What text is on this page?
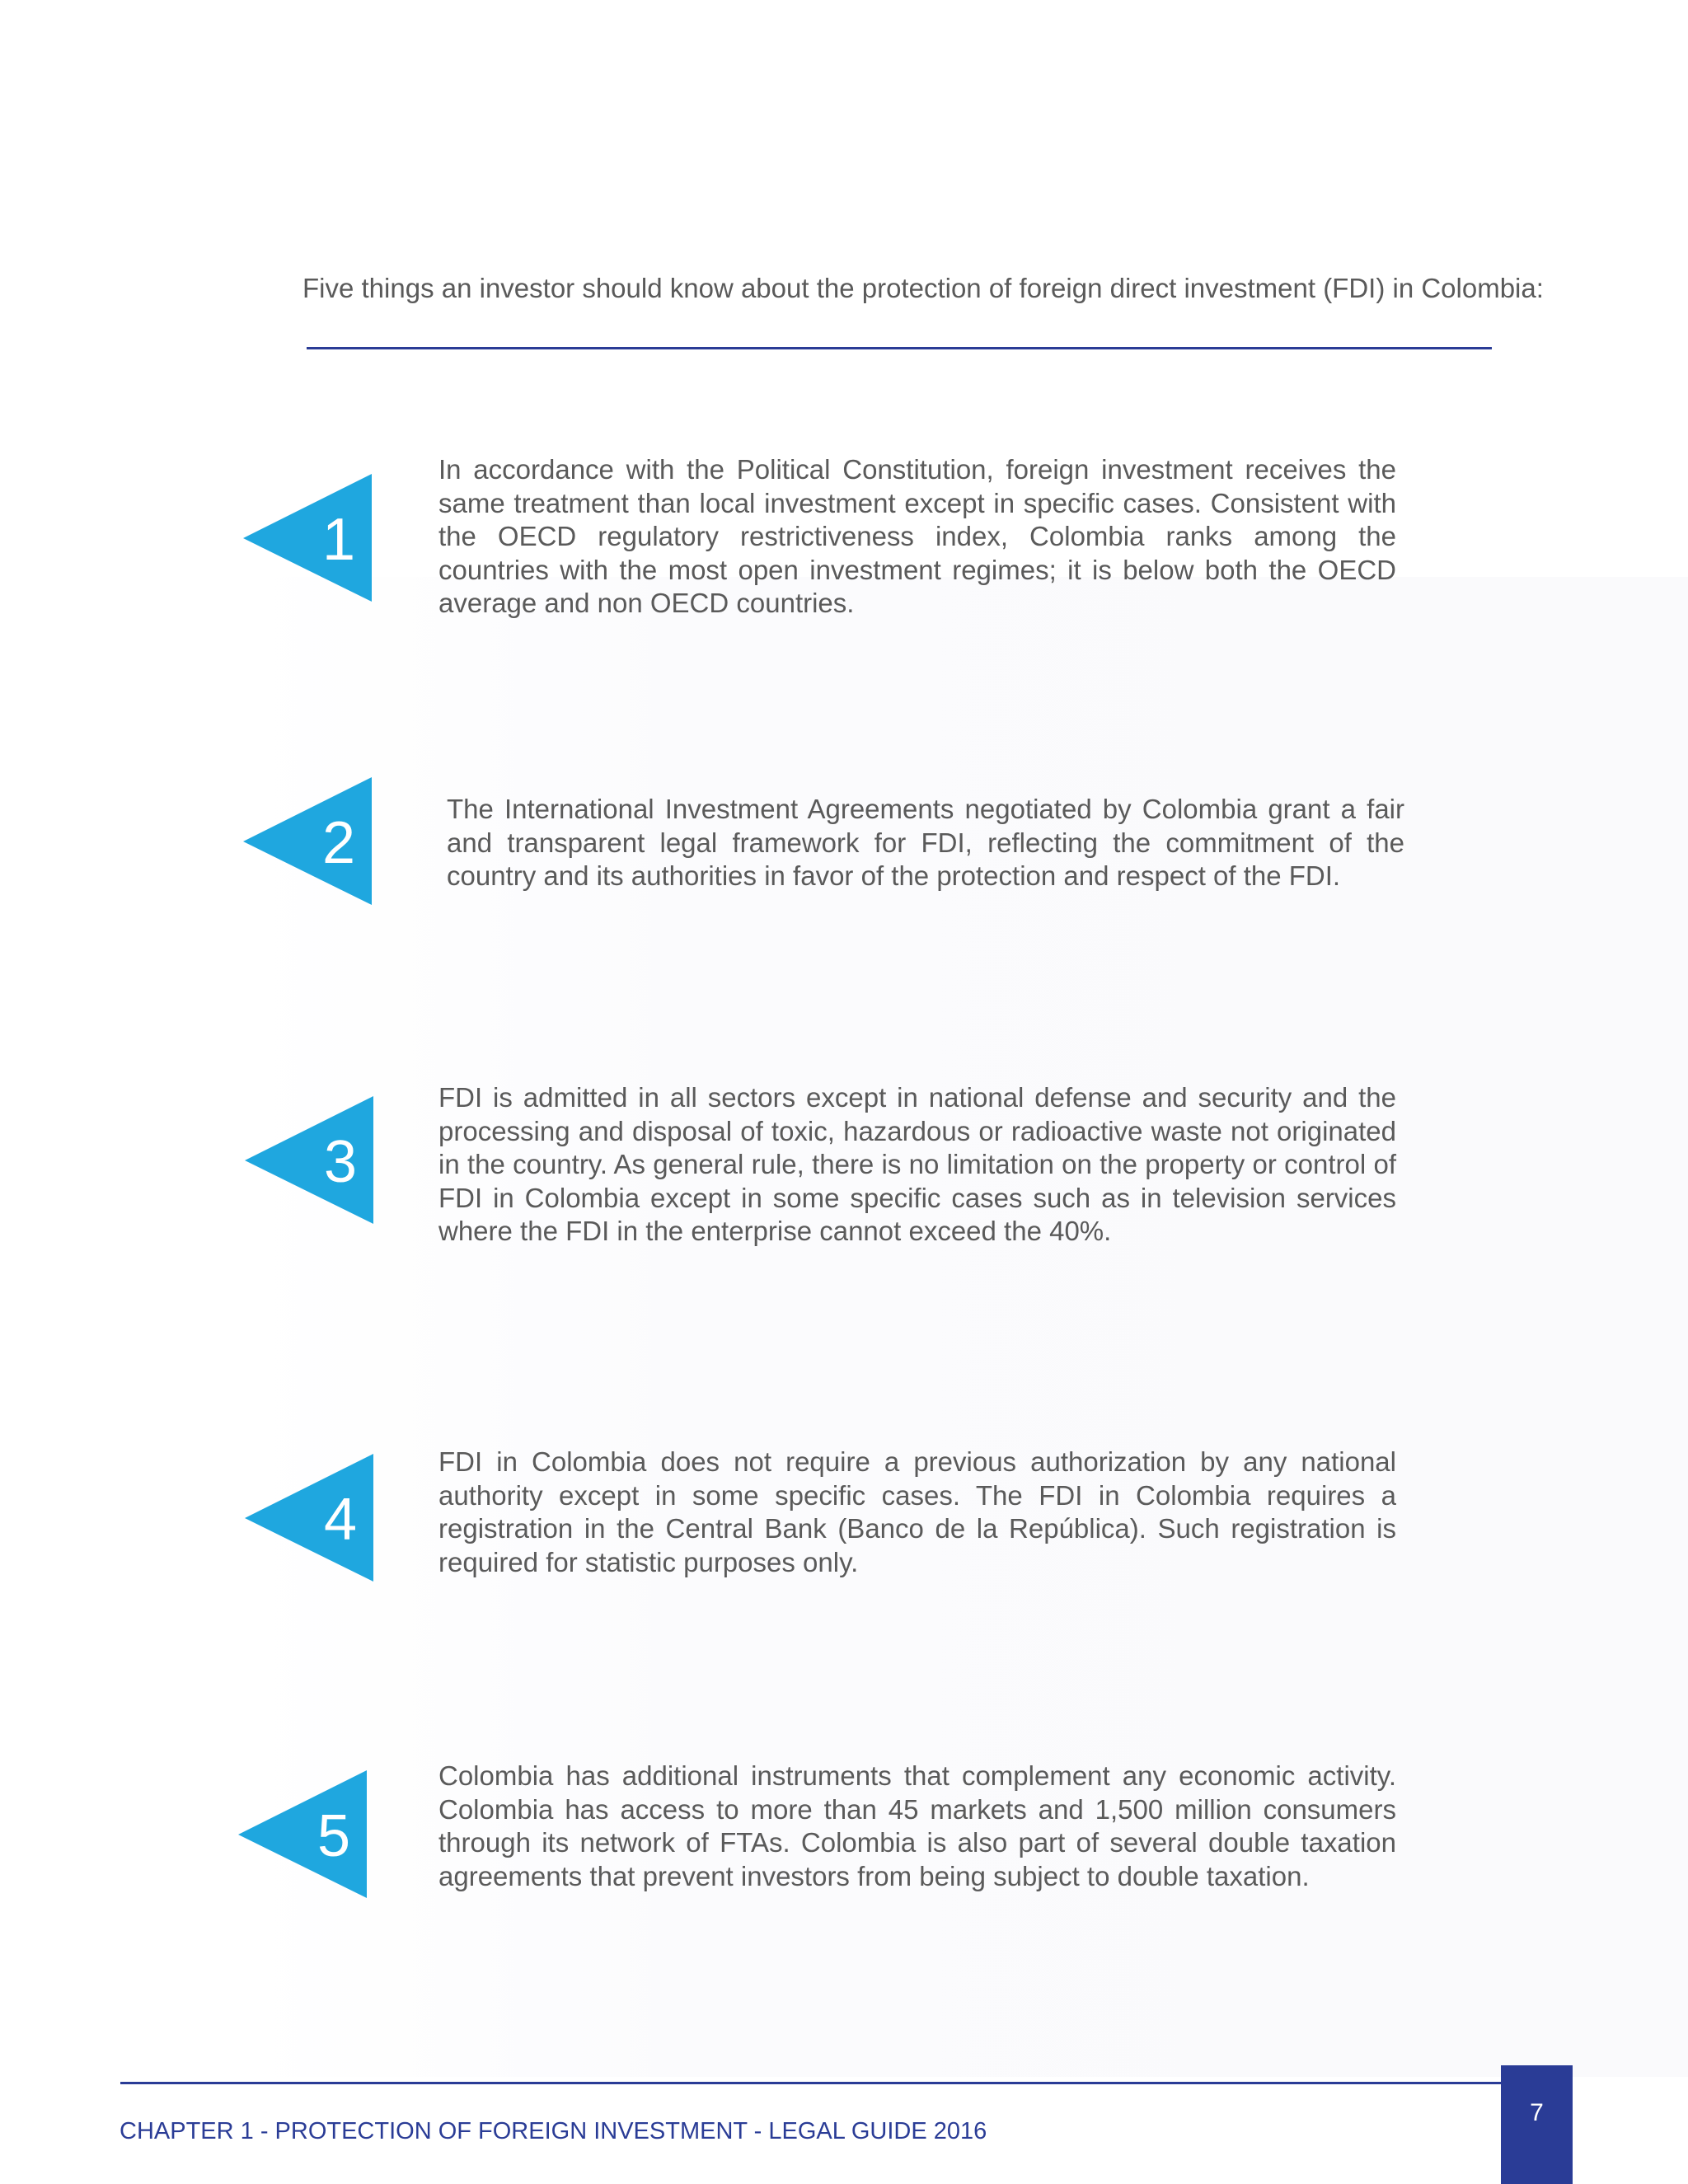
Five things an investor should know about the protection of foreign direct investment (FDI) in Colombia:
1
In accordance with the Political Constitution, foreign investment receives the same treatment than local investment except in specific cases. Consistent with the OECD regulatory restrictiveness index, Colombia ranks among the countries with the most open investment regimes; it is below both the OECD average and non OECD countries.
2
The International Investment Agreements negotiated by Colombia grant a fair and transparent legal framework for FDI, reflecting the commitment of the country and its authorities in favor of the protection and respect of the FDI.
3
FDI is admitted in all sectors except in national defense and security and the processing and disposal of toxic, hazardous or radioactive waste not originated in the country. As general rule, there is no limitation on the property or control of FDI in Colombia except in some specific cases such as in television services where the FDI in the enterprise cannot exceed the 40%.
4
FDI in Colombia does not require a previous authorization by any national authority except in some specific cases. The FDI in Colombia requires a registration in the Central Bank (Banco de la República). Such registration is required for statistic purposes only.
5
Colombia has additional instruments that complement any economic activity. Colombia has access to more than 45 markets and 1,500 million consumers through its network of FTAs. Colombia is also part of several double taxation agreements that prevent investors from being subject to double taxation.
CHAPTER 1 - PROTECTION OF FOREIGN INVESTMENT - LEGAL GUIDE 2016
7
